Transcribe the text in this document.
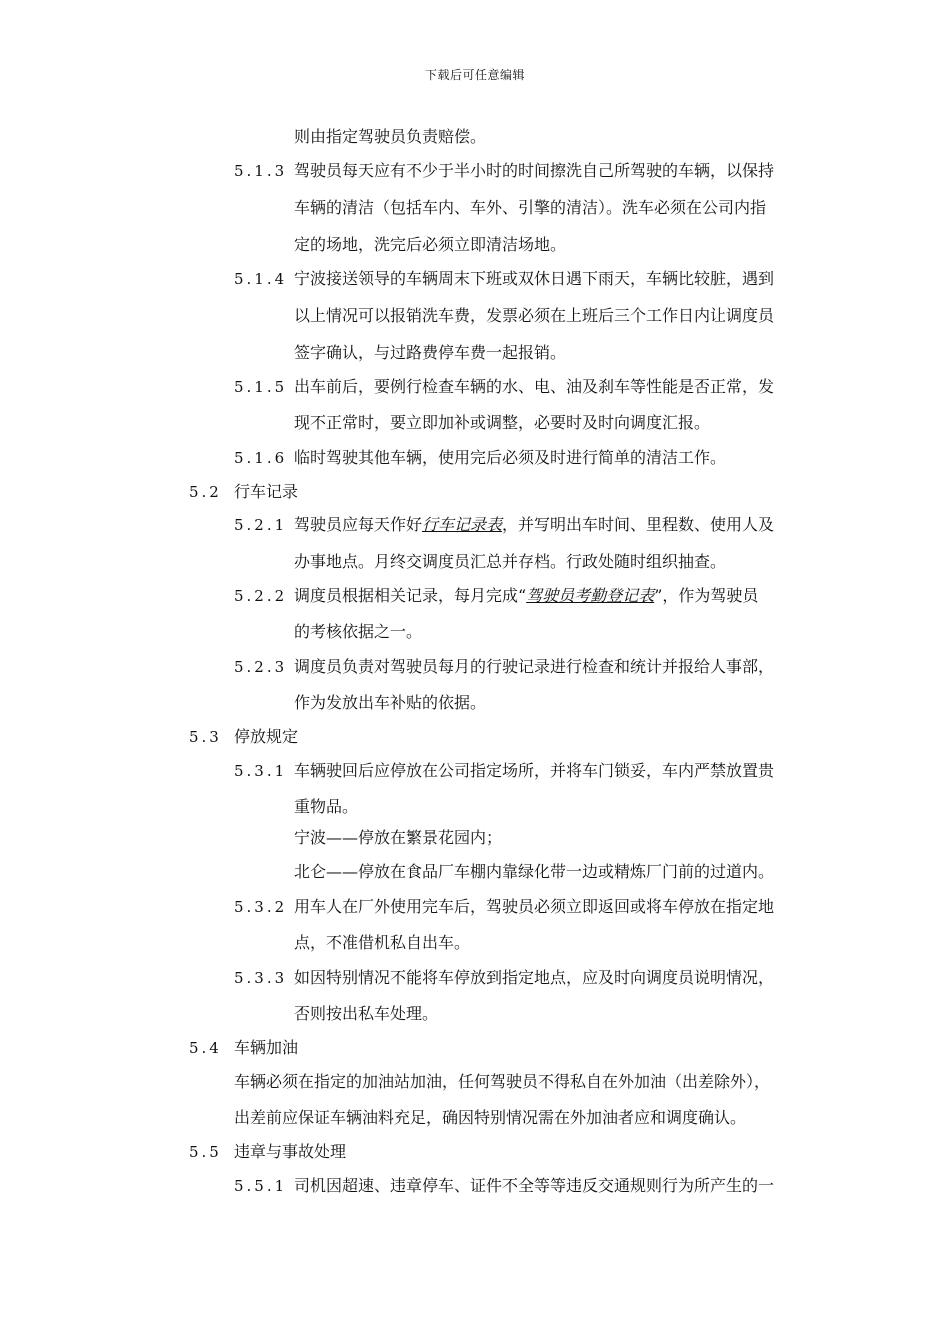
下载后可任意编辑
则由指定驾驶员负责赔偿。
5.1.3 驾驶员每天应有不少于半小时的时间擦洗自己所驾驶的车辆，以保持
车辆的清洁（包括车内、车外、引擎的清洁）。洗车必须在公司内指
定的场地，洗完后必须立即清洁场地。
5.1.4 宁波接送领导的车辆周末下班或双休日遇下雨天，车辆比较脏，遇到
以上情况可以报销洗车费，发票必须在上班后三个工作日内让调度员
签字确认，与过路费停车费一起报销。
5.1.5 出车前后，要例行检查车辆的水、电、油及刹车等性能是否正常，发
现不正常时，要立即加补或调整，必要时及时向调度汇报。
5.1.6 临时驾驶其他车辆，使用完后必须及时进行简单的清洁工作。
5.2 行车记录
5.2.1 驾驶员应每天作好行车记录表，并写明出车时间、里程数、使用人及
办事地点。月终交调度员汇总并存档。行政处随时组织抽查。
5.2.2 调度员根据相关记录，每月完成“驾驶员考勤登记表”，作为驾驶员
的考核依据之一。
5.2.3 调度员负责对驾驶员每月的行驶记录进行检查和统计并报给人事部，
作为发放出车补贴的依据。
5.3 停放规定
5.3.1 车辆驶回后应停放在公司指定场所，并将车门锁妥，车内严禁放置贵
重物品。
宁波——停放在繁景花园内；
北仑——停放在食品厂车棚内靠绿化带一边或精炼厂门前的过道内。
5.3.2 用车人在厂外使用完车后，驾驶员必须立即返回或将车停放在指定地
点，不准借机私自出车。
5.3.3 如因特别情况不能将车停放到指定地点，应及时向调度员说明情况，
否则按出私车处理。
5.4 车辆加油
车辆必须在指定的加油站加油，任何驾驶员不得私自在外加油（出差除外），
出差前应保证车辆油料充足，确因特别情况需在外加油者应和调度确认。
5.5 违章与事故处理
5.5.1 司机因超速、违章停车、证件不全等等违反交通规则行为所产生的一
